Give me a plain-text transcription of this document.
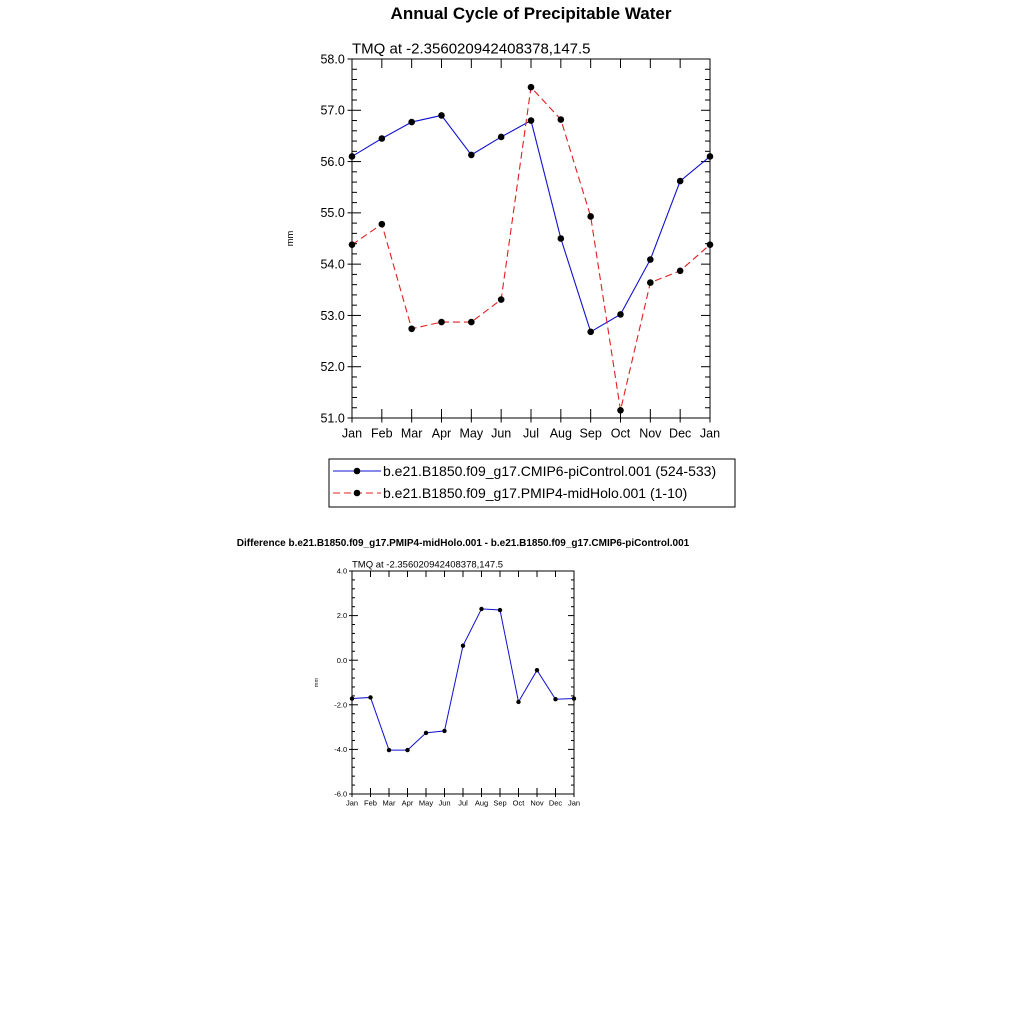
Annual Cycle of Precipitable Water
Difference b.e21.B1850.f09_g17.PMIP4-midHolo.001 - b.e21.B1850.f09_g17.CMIP6-piControl.001
TMQ at -2.356020942408378,147.5
mm
51.0
52.0
53.0
54.0
55.0
56.0
57.0
58.0
Jan Feb Mar Apr May Jun Jul Aug Sep Oct Nov Dec Jan
b.e21.B1850.f09_g17.CMIP6-piControl.001 (524-533)
b.e21.B1850.f09_g17.PMIP4-midHolo.001 (1-10)
TMQ at -2.356020942408378,147.5
mm
-6.0
-4.0
-2.0
0.0
2.0
4.0
Jan Feb Mar Apr May Jun Jul Aug Sep Oct Nov Dec Jan
